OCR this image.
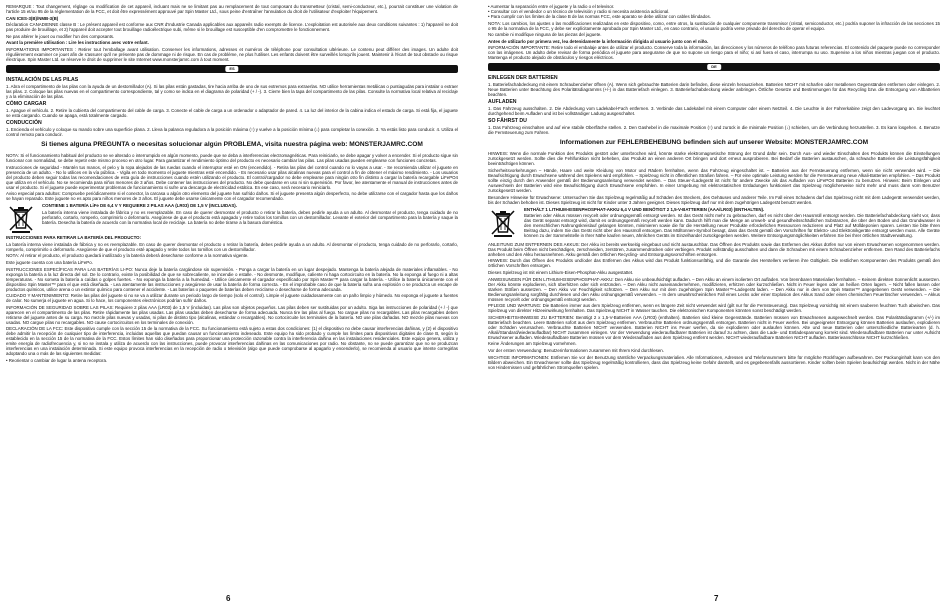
REMARQUE : Tout changement, réglage ou modification de cet appareil, incluant mais ne se limitant pas au remplacement de tout composant du transmetteur (cristal, semi-conducteur, etc.), pourrait constituer une violation de l'article 15 et/ou 95 de la réglementation de la FCC, et doit être expressément approuvé par Spin Master Ltd., sous peine d'entraîner l'annulation du droit de l'utilisateur d'exploiter l'équipement.

CAN ICES-3(B)/NMB-3(B)

Déclaration CANADIENNE classe B : Le présent appareil est conforme aux CNR d'Industrie Canada applicables aux appareils radio exempts de licence. L'exploitation est autorisée aux deux conditions suivantes : 1) l'appareil ne doit pas produire de brouillage, et 2) l'appareil doit accepter tout brouillage radioélectrique subi, même si le brouillage est susceptible d'en compromettre le fonctionnement.

Ne pas altérer le jouet ou modifier l'un des composants.

Avant la première utilisation : Lire les instructions avec votre enfant.

INFORMATIONS IMPORTANTES : Retirer tout l'emballage avant utilisation. Conserver les informations, adresses et numéros de téléphone pour consultation ultérieure. Le contenu peut différer des images. Un adulte doit régulièrement examiner ce jouet afin de s'assurer qu'il ne présente pas de dommage ni de risque. En cas de problème, ne plus l'utiliser. Les enfants doivent être surveillés lorsqu'ils jouent. Maintenir à l'écart de tout obstacle ou risque électrique. Spin Master Ltd. se réserve le droit de supprimer le site Internet www.monsterjamrc.com à tout moment.

ES
INSTALACIÓN DE LAS PILAS

1. Abra el compartimento de las pilas con la ayuda de un destornillador (A). Si las pilas están gastadas, tire hacia arriba de uno de sus extremos para extraerlas. NO utilice herramientas metálicas o puntiagudas para instalar o extraer las pilas. 2. Coloque las pilas nuevas en el compartimento correspondiente, tal y como se indica en el diagrama de polaridad (+ / -). 3. Cierre bien la tapa del compartimento de las pilas. Consulte la normativa local relativa al reciclaje y a la eliminación de las pilas.

CÓMO CARGAR

1. Apague el vehículo. 2. Retire la cubierta del compartimento del cable de carga. 3. Conecte el cable de carga a un ordenador o adaptador de pared. 4. La luz del interior de la cabina indica el estado de carga. Si está fija, el juguete se está cargando. Cuando se apaga, está totalmente cargado.

CONDUCCIÓN

1. Encienda el vehículo y coloque su mando sobre una superficie plana. 2. Lleva la palanca reguladora a la posición máxima (↑) y vuelve a la posición mínima (↓) para completar la conexión. 3. Ya estás listo para conducir. 4. Utiliza el control remoto para conducir.

Si tienes alguna PREGUNTA o necesitas solucionar algún PROBLEMA, visita nuestra página web: MONSTERJAMRC.COM

NOTA: Si el funcionamiento habitual del producto se ve alterado o interrumpido en algún momento, puede que se deba a interferencias electromagnéticas. Para reiniciarlo, se debe apagar y volver a encender. Si el producto sigue sin funcionar con normalidad, se debe repetir este mismo proceso en otro lugar. Para garantizar el rendimiento óptimo del producto es necesario cambiar las pilas. Las pilas usadas pueden emplearse con funciones concretas.

Instrucciones de seguridad - Mantén tus manos, el pelo y la ropa alejados de las ruedas cuando el interruptor esté en ON (encendido). - Retira las pilas del control cuando no lo vayas a usar. - Se recomienda utilizar el juguete en presencia de un adulto. - No lo utilices en la vía pública. - Vigila en todo momento el juguete mientras esté encendido. - Es necesario usar pilas alcalinas nuevas para el control a fin de obtener el máximo rendimiento. - Los usuarios del producto deben seguir todas las recomendaciones de esta guía de instrucciones cuando estén utilizando el producto. El control/cargador no debe emplearse para ningún otro fin distinto a cargar la batería recargable LiFePO4 que utiliza en el vehículo. No se recomienda para niños menores de 3 años. Debe contener las instrucciones del producto. No debe quedarse en uso ni sin supervisión. Por favor, lee atentamente el manual de instrucciones antes de usar el producto. Si el juguete puede experimentar problemas de funcionamiento si sufre una descarga de electricidad estática. En ese caso, será necesario reiniciarlo.

Aviso especial para adultos: Compruebe periódicamente si el conector, la carcasa u algún otro elemento del juguete han sufrido daños. Si el juguete presenta algún desperfecto, no debe utilizarse con el cargador hasta que los daños se hayan reparado. Este juguete no es apto para niños menores de 3 años. El juguete debe usarse únicamente con el cargador recomendado.

CONTIENE 1 BATERÍA LiFe DE 6,4 V Y REQUIERE 2 PILAS AAA (LR03) DE 1,5 V (INCLUIDAS).

La batería interna viene instalada de fábrica y no es reemplazable. En caso de querer desmontar el producto o retirar la batería, debes pedirle ayuda a un adulto. Al desmontar el producto, tenga cuidado de no perforarlo, cortarlo, romperlo, comprimirlo o deformarlo. Asegúrese de que el producto está apagado y retire todos los tornillos con un destornillador. Levante el exterior del compartimento para la batería y saque la batería. Desecha la batería de acuerdo con la normativa local de reciclaje. La batería no debe tirarse a la basura doméstica.

INSTRUCCIONES PARA RETIRAR LA BATERÍA DEL PRODUCTO:

La batería interna viene instalada de fábrica y no es reemplazable. En caso de querer desmontar el producto o retirar la batería, debes pedirle ayuda a un adulto. Al desmontar el producto, tenga cuidado de no perforarlo, cortarlo, romperlo, comprimirlo o deformarlo. Asegúrese de que el producto esté apagado y retire todos los tornillos con un destornillador.

NOTA: Al retirar el producto, el producto quedará inutilizado y la batería deberá desecharse conforme a la normativa vigente.

Este juguete cuenta con una batería LiFePo.

INSTRUCCIONES ESPECÍFICAS PARA LAS BATERÍAS LI-PO: Nunca deje la batería cargándose sin supervisión. - Ponga a cargar la batería en un lugar despejado. Mantenga la batería alejada de materiales inflamables. - No exponga la batería a la luz directa del sol. De lo contrario, existe la posibilidad de que se sobrecaliente, se incendie o estalle. - No desmonte, modifique, caliente ni haga cortocircuito en la batería. No la exponga al fuego ni a altas temperaturas. - No someta la batería a caídas o golpes fuertes. - No exponga la batería a la humedad. - Utilice únicamente el cargador especificado por Spin Master™ para cargar la batería. - Utilice la batería únicamente con el dispositivo Spin Master™ para el que está diseñada. - Lea atentamente las instrucciones y asegúrese de usar la batería de forma correcta. - En el improbable caso de que la batería sufra una explosión o se produzca un escape de productos químicos, utilice arena o un extintor químico para contener el accidente. - Las baterías o paquetes de baterías deben reciclarse o desecharse de forma adecuada.

CUIDADO Y MANTENIMIENTO: Retire las pilas del juguete si no se va a utilizar durante un periodo largo de tiempo (solo el control). Limpie el juguete cuidadosamente con un paño limpio y húmedo. No exponga el juguete a fuentes de calor. No sumerja el juguete en agua. Si lo hace, los componentes electrónicos podrían sufrir daños.

INFORMACIÓN DE SEGURIDAD SOBRE LAS PILAS: Requiere 2 pilas AAA (LR03) de 1,5 V (incluidas). Las pilas son objetos pequeños. Las pilas deben ser sustituidas por un adulto. Siga las instrucciones de polaridad (+ / -) que aparecen en el compartimento de las pilas. Retire rápidamente las pilas usadas. Las pilas usadas deben desecharse de forma adecuada. Nunca tire las pilas al fuego. No cargue pilas no recargables. Las pilas recargables deben retirarse del juguete antes de su carga. No mezcle pilas nuevas y usadas, ni pilas de distinto tipo (alcalinas, estándar o recargables). No cortocircuite los terminales de la batería. NO use pilas dañadas. NO mezcle pilas nuevas con usadas. NO cargue pilas no recargables. NO cause cortocircuitos en los terminales de conexión.

DECLARACIÓN DE LA FCC: Este dispositivo cumple con la sección 15 de la normativa de la FCC. Su funcionamiento está sujeto a estas dos condiciones: (1) el dispositivo no debe causar interferencias dañinas, y (2) el dispositivo debe admitir la recepción de cualquier tipo de interferencia, incluidas aquellas que puedan causar un funcionamiento indeseado. Este equipo ha sido probado y cumple los límites para dispositivos digitales de clase B, según lo establecido en la sección 15 de la normativa de la FCC. Estos límites han sido diseñados para proporcionar una protección razonable contra la interferencia dañina en las instalaciones residenciales. Este equipo genera, utiliza y emite energía de radiofrecuencia y, si no se instala y utiliza de acuerdo con las instrucciones, puede provocar interferencias dañinas en las comunicaciones por radio. No obstante, no se puede garantizar que no se produzcan interferencias en una instalación determinada. Si este equipo provoca interferencias en la recepción de radio o televisión (algo que puede comprobarse al apagarlo y encenderlo), se recomienda al usuario que intente corregirlas adoptando una o más de las siguientes medidas:

• Reorientar o cambiar de lugar la antena receptora.

6

• Aumentar la separación entre el juguete y la radio o el televisor.
• Consultar con el vendedor o un técnico de televisión y radio si necesita asistencia adicional.
• Para cumplir con los límites de la clase B de las normas FCC, este aparato se debe utilizar con cables blindados.

NOTA: Los cambios, los ajustes o las modificaciones realizadas en este dispositivo, como, entre otros, la sustitución de cualquier componente transmisor (cristal, semiconductor, etc.) podría suponer la infracción de las secciones 15 o 95 de la normativa de la FCC, y debe ser explícitamente aprobada por Spin Master Ltd., en caso contrario, el usuario podría verse privado del derecho de operar el equipo.

No cambie ni modifique ninguna de las piezas del juguete.

Antes de utilizarlo por primera vez, lea detenidamente la información dirigida al usuario junto con el niño.

INFORMACIÓN IMPORTANTE: Retire todo el embalaje antes de utilizar el producto. Conserve toda la información, las direcciones y los números de teléfono para futuras referencias. El contenido del paquete puede no corresponder con las imágenes. Un adulto debe revisar de forma periódica el juguete para asegurarse de que no supone un riesgo para el niño; si así fuera el caso, interrumpa su uso. Supervise a los niños mientras juegan con el producto. Mantenga el producto alejado de obstáculos y riesgos eléctricos.

DE
EINLEGEN DER BATTERIEN

1. Batteriefachabdeckung mit einem Schraubenzieher öffnen (A). Wenn sich gebrauchte Batterien darin befinden, diese einzeln herausziehen. Batterien NICHT mit scharfen oder metallenen Gegenständen entfernen oder einlegen. 2. Neue Batterien unter Beachtung des Polaritätsdiagramms (+/-) in das Batteriefach einlegen. 3. Batteriefachabdeckung wieder anbringen. Örtliche Gesetze und Bestimmungen für das Recycling bzw. die Entsorgung von Altbatterien beachten.

AUFLADEN

1. Das Fahrzeug ausschalten. 2. Die Abdeckung vom Ladekabel-Fach entfernen. 3. Verbinde das Ladekabel mit einem Computer oder einem Netzteil. 4. Die Leuchte in der Fahrerkabine zeigt den Ladevorgang an. Sie leuchtet durchgehend beim Aufladen und ist bei vollständiger Ladung ausgeschaltet.

SO FÄHRST DU

1. Das Fahrzeug einschalten und auf eine stabile Oberfläche stellen. 2. Den Gashebel in die maximale Position (↑) und zurück in die minimale Position (↓) schieben, um die Verbindung herzustellen. 3. Es kann losgehen. 4. Benutze die Fernsteuerung zum Fahren.

Informationen zur FEHLERBEHEBUNG befinden sich auf unserer Website: MONSTERJAMRC.COM

HINWEIS: Wenn die normale Funktion des Produkts gestört oder unterbrochen wird, könnte starke elektromagnetische Störung der Grund dafür sein. Durch Aus- und wieder Einschalten des Produkts können die Einstellungen zurückgesetzt werden. Sollte dies die Fehlfunktion nicht beheben, das Produkt an einen anderen Ort bringen und dort erneut ausprobieren. Bei Bedarf die Batterien austauschen, da schwache Batterien die Leistungsfähigkeit beeinträchtigen können.

Sicherheitsvorkehrungen – Hände, Haare und weite Kleidung von Motor und Rädern fernhalten, wenn das Fahrzeug eingeschaltet ist. – Batterien aus der Fernsteuerung entfernen, wenn sie nicht verwendet wird. – Die Beaufsichtigung durch Erwachsene während des Spielens wird empfohlen. – Spielzeug nicht in öffentlichen Straßen fahren. – Für eine optimale Leistung werden für die Fernsteuerung neue Alkali-Batterien empfohlen. – Das Produkt sollte einzig durch den Anwender gemäß der Bedienungsanleitung verwendet werden. – Das Steuer-/Ladegerät ist nicht für andere Zwecke als das Aufladen von LiFePO4 Batterien zu benutzen. Hinweis: Beim Einlegen und Auswechseln der Batterien wird eine Beaufsichtigung durch Erwachsene empfohlen. In einer Umgebung mit elektrostatischen Entladungen funktioniert das Spielzeug möglicherweise nicht mehr und muss dann vom Benutzer zurückgesetzt werden.

Besondere Hinweise für Erwachsene: Untersuchen Sie das Spielzeug regelmäßig auf Schäden des Steckers, des Gehäuses und anderer Teile. Im Fall eines Schadens darf das Spielzeug nicht mit dem Ladegerät verwendet werden, bis der Schaden behoben ist. Dieses Spielzeug ist nicht für Kinder unter 3 Jahren geeignet. Dieses Spielzeug darf nur mit dem zugehörigen Ladegerät benutzt werden.

ENTHÄLT 1 LITHIUM-EISENPHOSPHAT-AKKU 6,4 V UND BENÖTIGT 2 1,5-V-BATTERIEN (AAA/LR03) (ENTHALTEN).

Batterien oder Akkus müssen recycelt oder ordnungsgemäß entsorgt werden. Ist das Gerät nicht mehr zu gebrauchen, darf es nicht über den Hausmüll entsorgt werden. Die Batteriefachabdeckung sieht vor, dass das Gerät separat entsorgt wird, damit es ordnungsgemäß recycelt werden kann. Dadurch hilft man die Menge an umwelt- und gesundheitsschädlichen Substanzen, die über den Boden und das Grundwasser in den menschlichen Nahrungskreislauf gelangen könnten, minimieren sowie die für die Herstellung neuer Produkte erforderlichen Ressourcen reduzieren und Platz auf Mülldeponien sparen. Leisten Sie bitte Ihren Beitrag dazu, indem Sie das Gerät nicht über den Hausmüll entsorgen. Das Mülltonnen-Symbol besagt, dass das Gerät gemäß den Vorschriften für Elektro- und Elektronikgeräte entsorgt werden muss. Alle Geräte können zu der Sammelstelle in Ihrer Nähe kaufen neuen, ähnlichen Geräts im Einzelhandel zurückgegeben werden. Weitere Entsorgungsmöglichkeiten erfahren Sie bei Ihrer örtlichen Stadtverwaltung.

ANLEITUNG ZUM ENTFERNEN DES AKKUS: Der Akku ist bereits werkseitig eingebaut und nicht austauschbar. Das Öffnen des Produkts sowie das Entfernen des Akkus dürfen nur von einem Erwachsenen vorgenommen werden. Das Produkt beim Öffnen nicht beschädigen, zerschneiden, zerstören, zusammendrücken oder verbiegen. Produkt vollständig ausschalten und dann die Schrauben mit einem Schraubenzieher entfernen. Den Rand des Batteriefachs anheben und den Akku herausnehmen. Akku gemäß den örtlichen Recycling- und Entsorgungsvorschriften entsorgen.

HINWEIS: Durch das Öffnen des Produkts und/oder das Entfernen des Akkus wird das Produkt funktionsunfähig, und die Garantie des Herstellers verlieren ihre Gültigkeit. Die restlichen Komponenten des Produkts gemäß den örtlichen Vorschriften entsorgen.

Dieses Spielzeug ist mit einem Lithium-Eisen-Phosphat-Akku ausgestattet.

ANWEISUNGEN FÜR DEN LITHIUM-EISENPHOSPHAT-AKKU: Den Akku nie unbeaufsichtigt aufladen. – Den Akku an einem isolierten Ort aufladen. Von brennbaren Materialien fernhalten. – Keinem direkten Sonnenlicht aussetzen. Der Akku könnte explodieren, sich überhitzen oder sich entzünden. – Den Akku nicht auseinandernehmen, modifizieren, erhitzen oder kurzschließen. Nicht in Feuer legen oder an heißen Orten lagern. – Nicht fallen lassen oder starken Stößen aussetzen. – Den Akku vor Feuchtigkeit schützen. – Den Akku nur mit dem zugehörigen Spin Master™-Ladegerät laden. – Den Akku nur in dem von Spin Master™ angegebenen Gerät verwenden. – Die Bedienungsanleitung sorgfältig durchlesen und den Akku ordnungsgemäß verwenden. – In dem unwahrscheinlichen Fall eines Lecks oder einer Explosion des Akkus Sand oder einen chemischen Feuerlöscher verwenden. – Akkus müssen recycelt oder ordnungsgemäß entsorgt werden.

PFLEGE UND WARTUNG: Die Batterien immer aus dem Spielzeug entfernen, wenn es längere Zeit nicht verwendet wird (gilt nur für die Fernsteuerung). Das Spielzeug vorsichtig mit einem sauberen feuchten Tuch abwischen. Das Spielzeug von direkter Hitzeeinwirkung fernhalten. Das Spielzeug NICHT in Wasser tauchen. Die elektronischen Komponenten könnten sonst beschädigt werden.

SICHERHEITSHINWEISE ZU BATTERIEN: Benötigt 2 x 1,5-V-Batterien AAA (LR03) (enthalten). Batterien sind kleine Gegenstände. Batterien müssen von Erwachsenen ausgewechselt werden. Das Polaritätsdiagramm (+/-) im Batteriefach beachten. Leere Batterien sofort aus dem Spielzeug entfernen. Verbrauchte Batterien ordnungsgemäß entsorgen. Batterien nicht in Feuer werfen. Bei ungeeigneter Entsorgung können Batterien auslaufen, explodieren oder Schäden verursachen. Verbrauchte Batterien NICHT verwenden. Batterien NICHT ins Feuer werfen, da sie explodieren oder auslaufen können. Alte und neue Batterien oder unterschiedliche Batteriearten (d. h. Alkali/Standard/wiederaufladbar) NICHT zusammen einlegen. Vor der Verwendung wiederaufladbarer Batterien ist darauf zu achten, dass die Lade- und Entladespannung korrekt sind. Wiederaufladbare Batterien nur unter Aufsicht Erwachsener aufladen. Wiederaufladbare Batterien müssen vor dem Wiederaufladen aus dem Spielzeug entfernt werden. NICHT wiederaufladbare Batterien NICHT aufladen. Batterieanschlüsse NICHT kurzschließen.

Keine Änderungen am Spielzeug vornehmen.

Vor der ersten Verwendung: Benutzerinformationen zusammen mit Ihrem Kind durchlesen.

WICHTIGE INFORMATIONEN: Entfernen Sie vor der Benutzung sämtliche Verpackungsmaterialien. Alle Informationen, Adressen und Telefonnummern bitte für mögliche Rückfragen aufbewahren. Der Packunginhalt kann von den Bildern abweichen. Ein Erwachsener sollte das Spielzeug regelmäßig kontrollieren, dass das Spielzeug keine Gefahr darstellt, und es gegebenenfalls aussortieren. Kinder sollten beim Spielen beaufsichtigt werden. Nicht in der Nähe von Hindernissen und gefährlichen Stromquellen spielen.

7
